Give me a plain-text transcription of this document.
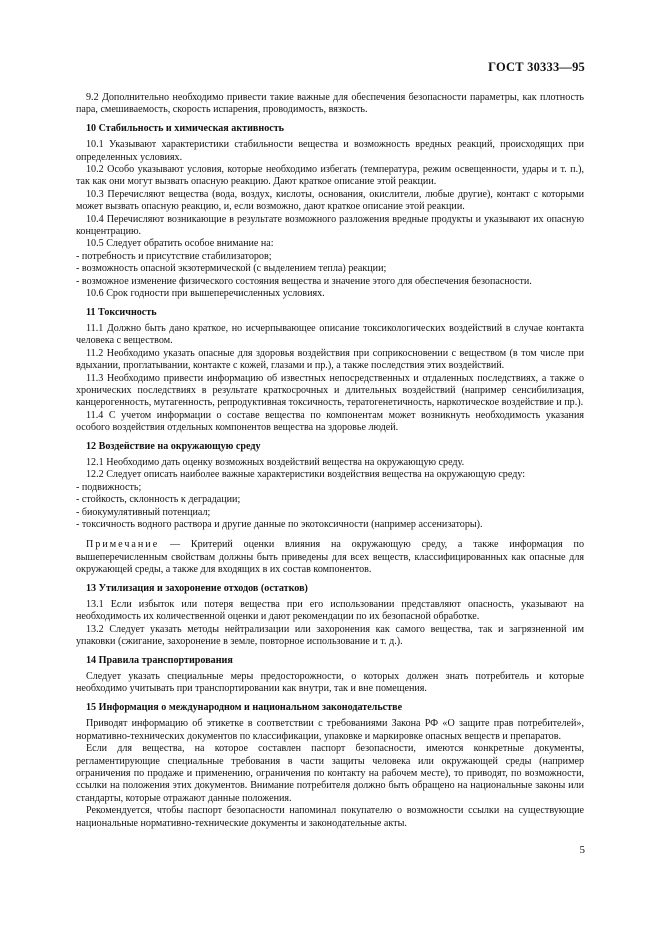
ГОСТ 30333—95

9.2 Дополнительно необходимо привести такие важные для обеспечения безопасности параметры, как плотность пара, смешиваемость, скорость испарения, проводимость, вязкость.

10 Стабильность и химическая активность

10.1 Указывают характеристики стабильности вещества и возможность вредных реакций, происходящих при определенных условиях.

10.2 Особо указывают условия, которые необходимо избегать (температура, режим освещенности, удары и т. п.), так как они могут вызвать опасную реакцию. Дают краткое описание этой реакции.

10.3 Перечисляют вещества (вода, воздух, кислоты, основания, окислители, любые другие), контакт с которыми может вызвать опасную реакцию, и, если возможно, дают краткое описание этой реакции.

10.4 Перечисляют возникающие в результате возможного разложения вредные продукты и указывают их опасную концентрацию.

10.5 Следует обратить особое внимание на:

- потребность и присутствие стабилизаторов;

- возможность опасной экзотермической (с выделением тепла) реакции;

- возможное изменение физического состояния вещества и значение этого для обеспечения безопасности.

10.6 Срок годности при вышеперечисленных условиях.

11 Токсичность

11.1 Должно быть дано краткое, но исчерпывающее описание токсикологических воздействий в случае контакта человека с веществом.

11.2 Необходимо указать опасные для здоровья воздействия при соприкосновении с веществом (в том числе при вдыхании, проглатывании, контакте с кожей, глазами и пр.), а также последствия этих воздействий.

11.3 Необходимо привести информацию об известных непосредственных и отдаленных последствиях, а также о хронических последствиях в результате краткосрочных и длительных воздействий (например сенсибилизация, канцерогенность, мутагенность, репродуктивная токсичность, тератогенетичность, наркотическое воздействие и пр.).

11.4 С учетом информации о составе вещества по компонентам может возникнуть необходимость указания особого воздействия отдельных компонентов вещества на здоровье людей.

12 Воздействие на окружающую среду

12.1 Необходимо дать оценку возможных воздействий вещества на окружающую среду.

12.2 Следует описать наиболее важные характеристики воздействия вещества на окружающую среду:

- подвижность;

- стойкость, склонность к деградации;

- биокумулятивный потенциал;

- токсичность водного раствора и другие данные по экотоксичности (например ассенизаторы).

Примечание — Критерий оценки влияния на окружающую среду, а также информация по вышеперечисленным свойствам должны быть приведены для всех веществ, классифицированных как опасные для окружающей среды, а также для входящих в их состав компонентов.

13 Утилизация и захоронение отходов (остатков)

13.1 Если избыток или потеря вещества при его использовании представляют опасность, указывают на необходимость их количественной оценки и дают рекомендации по их безопасной обработке.

13.2 Следует указать методы нейтрализации или захоронения как самого вещества, так и загрязненной им упаковки (сжигание, захоронение в земле, повторное использование и т. д.).

14 Правила транспортирования

Следует указать специальные меры предосторожности, о которых должен знать потребитель и которые необходимо учитывать при транспортировании как внутри, так и вне помещения.

15 Информация о международном и национальном законодательстве

Приводят информацию об этикетке в соответствии с требованиями Закона РФ «О защите прав потребителей», нормативно-технических документов по классификации, упаковке и маркировке опасных веществ и препаратов.

Если для вещества, на которое составлен паспорт безопасности, имеются конкретные документы, регламентирующие специальные требования в части защиты человека или окружающей среды (например ограничения по продаже и применению, ограничения по контакту на рабочем месте), то приводят, по возможности, ссылки на положения этих документов. Внимание потребителя должно быть обращено на национальные законы или стандарты, которые отражают данные положения.

Рекомендуется, чтобы паспорт безопасности напоминал покупателю о возможности ссылки на существующие национальные нормативно-технические документы и законодательные акты.

5
